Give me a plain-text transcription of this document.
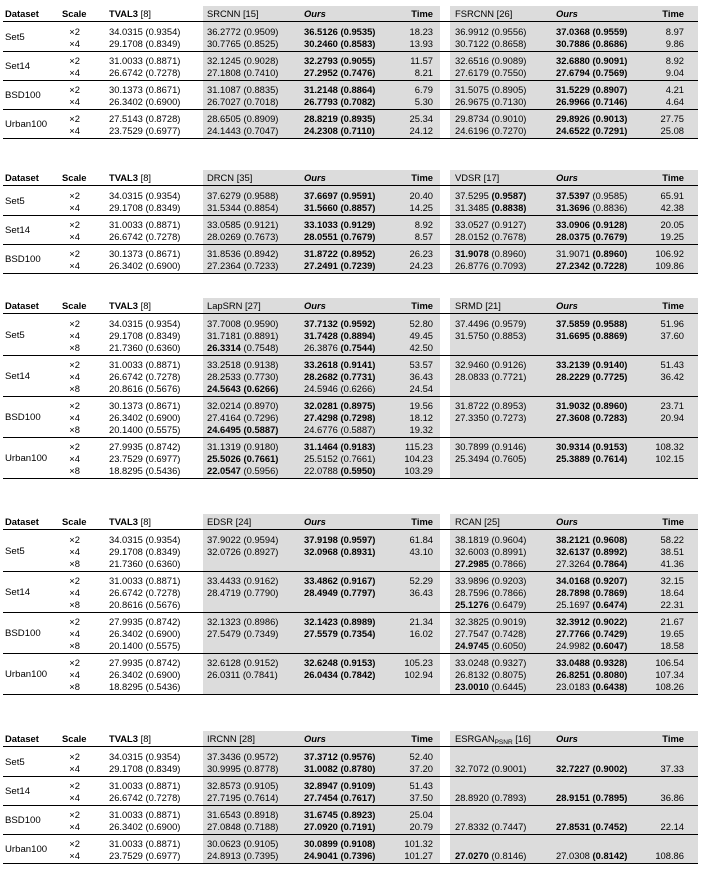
Dataset Scale TVAL3 [8]	SRCNN [15]	Ours	Time FSRCNN [26]	Ours	Time
Set5	×2	34.0315 (0.9354)	36.2772 (0.9509)	36.5126 (0.9535)	18.23 36.9912 (0.9556)	37.0368 (0.9559)	8.97
×4	29.1708 (0.8349)	30.7765 (0.8525)	30.2460 (0.8583)	13.93 30.7122 (0.8658)	30.7886 (0.8686)	9.86
Set14	×2	31.0033 (0.8871)	32.1245 (0.9028)	32.2793 (0.9055)	11.57 32.6516 (0.9089)	32.6880 (0.9091)	8.92
×4	26.6742 (0.7278)	27.1808 (0.7410)	27.2952 (0.7476)	8.21 27.6179 (0.7550)	27.6794 (0.7569)	9.04
BSD100	×2	30.1373 (0.8671)	31.1087 (0.8835)	31.2148 (0.8864)	6.79 31.5075 (0.8905)	31.5229 (0.8907)	4.21
×4	26.3402 (0.6900)	26.7027 (0.7018)	26.7793 (0.7082)	5.30 26.9675 (0.7130)	26.9966 (0.7146)	4.64
Urban100	×2	27.5143 (0.8728)	28.6505 (0.8909)	28.8219 (0.8935)	25.34 29.8734 (0.9010)	29.8926 (0.9013)	27.75
×4	23.7529 (0.6977)	24.1443 (0.7047)	24.2308 (0.7110)	24.12 24.6196 (0.7270)	24.6522 (0.7291)	25.08
Dataset Scale TVAL3 [8]	DRCN [35]	Ours	Time VDSR [17]	Ours	Time
Set5	×2	34.0315 (0.9354)	37.6279 (0.9588)	37.6697 (0.9591)	20.40 37.5295 (0.9587)	37.5397 (0.9585)	65.91
×4	29.1708 (0.8349)	31.5344 (0.8854)	31.5660 (0.8857)	14.25 31.3485 (0.8838)	31.3696 (0.8836)	42.38
Set14	×2	31.0033 (0.8871)	33.0585 (0.9121)	33.1033 (0.9129)	8.92 33.0527 (0.9127)	33.0906 (0.9128)	20.05
×4	26.6742 (0.7278)	28.0269 (0.7673)	28.0551 (0.7679)	8.57 28.0152 (0.7678)	28.0375 (0.7679)	19.25
BSD100	×2	30.1373 (0.8671)	31.8536 (0.8942)	31.8722 (0.8952)	26.23 31.9078 (0.8960)	31.9071 (0.8960)	106.92
×4	26.3402 (0.6900)	27.2364 (0.7233)	27.2491 (0.7239)	24.23 26.8776 (0.7093)	27.2342 (0.7228)	109.86
Dataset Scale TVAL3 [8]	LapSRN [27]	Ours	Time SRMD [21]	Ours	Time
Set5
×2	34.0315 (0.9354)	37.7008 (0.9590)	37.7132 (0.9592)	52.80 37.4496 (0.9579)	37.5859 (0.9588)	51.96
×4	29.1708 (0.8349)	31.7181 (0.8891)	31.7428 (0.8894)	49.45 31.5750 (0.8853)	31.6695 (0.8869)	37.60
×8	21.7360 (0.6360)	26.3314 (0.7548)	26.3876 (0.7544)	42.50
Set14
×2	31.0033 (0.8871)	33.2518 (0.9138)	33.2618 (0.9141)	53.57 32.9460 (0.9126)	33.2139 (0.9140)	51.43
×4	26.6742 (0.7278)	28.2533 (0.7730)	28.2682 (0.7731)	36.43 28.0833 (0.7721)	28.2229 (0.7725)	36.42
×8	20.8616 (0.5676)	24.5643 (0.6266)	24.5946 (0.6266)	24.54
BSD100
×2	30.1373 (0.8671)	32.0214 (0.8970)	32.0281 (0.8975)	19.56 31.8722 (0.8953)	31.9032 (0.8960)	23.71
×4	26.3402 (0.6900)	27.4164 (0.7296)	27.4298 (0.7298)	18.12 27.3350 (0.7273)	27.3608 (0.7283)	20.94
×8	20.1400 (0.5575)	24.6495 (0.5887)	24.6776 (0.5887)	19.32
Urban100
×2	27.9935 (0.8742)	31.1319 (0.9180)	31.1464 (0.9183)	115.23 30.7899 (0.9146)	30.9314 (0.9153)	108.32
×4	23.7529 (0.6977)	25.5026 (0.7661)	25.5152 (0.7661)	104.23 25.3494 (0.7605)	25.3889 (0.7614)	102.15
×8	18.8295 (0.5436)	22.0547 (0.5956)	22.0788 (0.5950)	103.29
Dataset Scale TVAL3 [8]	EDSR [24]	Ours	Time RCAN [25]	Ours	Time
Set5
×2	34.0315 (0.9354)	37.9022 (0.9594)	37.9198 (0.9597)	61.84 38.1819 (0.9604)	38.2121 (0.9608)	58.22
×4	29.1708 (0.8349)	32.0726 (0.8927)	32.0968 (0.8931)	43.10 32.6003 (0.8991)	32.6137 (0.8992)	38.51
×8	21.7360 (0.6360)	27.2985 (0.7866)	27.3264 (0.7864)	41.36
Set14
×2	31.0033 (0.8871)	33.4433 (0.9162)	33.4862 (0.9167)	52.29 33.9896 (0.9203)	34.0168 (0.9207)	32.15
×4	26.6742 (0.7278)	28.4719 (0.7790)	28.4949 (0.7797)	36.43 28.7596 (0.7866)	28.7898 (0.7869)	18.64
×8	20.8616 (0.5676)	25.1276 (0.6479)	25.1697 (0.6474)	22.31
BSD100
×2	27.9935 (0.8742)	32.1323 (0.8986)	32.1423 (0.8989)	21.34 32.3825 (0.9019)	32.3912 (0.9022)	21.67
×4	26.3402 (0.6900)	27.5479 (0.7349)	27.5579 (0.7354)	16.02 27.7547 (0.7428)	27.7766 (0.7429)	19.65
×8	20.1400 (0.5575)	24.9745 (0.6050)	24.9982 (0.6047)	18.58
Urban100
×2	27.9935 (0.8742)	32.6128 (0.9152)	32.6248 (0.9153)	105.23 33.0248 (0.9327)	33.0488 (0.9328)	106.54
×4	26.3402 (0.6900)	26.0311 (0.7841)	26.0434 (0.7842)	102.94 26.8132 (0.8075)	26.8251 (0.8080)	107.34
×8	18.8295 (0.5436)	23.0010 (0.6445)	23.0183 (0.6438)	108.26
Dataset Scale TVAL3 [8]	IRCNN [28]	Ours	Time $ESRGAN_{PSNR}$ [16]	Ours	Time
Set5	×2	34.0315 (0.9354)	37.3436 (0.9572)	37.3712 (0.9576)	52.40
×4	29.1708 (0.8349)	30.9995 (0.8778)	31.0082 (0.8780)	37.20 32.7072 (0.9001)	32.7227 (0.9002)	37.33
Set14	×2	31.0033 (0.8871)	32.8573 (0.9105)	32.8947 (0.9109)	51.43
×4	26.6742 (0.7278)	27.7195 (0.7614)	27.7454 (0.7617)	37.50 28.8920 (0.7893)	28.9151 (0.7895)	36.86
BSD100	×2	31.0033 (0.8871)	31.6543 (0.8918)	31.6745 (0.8923)	25.04
×4	26.3402 (0.6900)	27.0848 (0.7188)	27.0920 (0.7191)	20.79 27.8332 (0.7447)	27.8531 (0.7452)	22.14
Urban100	×2	31.0033 (0.8871)	30.0623 (0.9105)	30.0899 (0.9108)	101.32
×4	23.7529 (0.6977)	24.8913 (0.7395)	24.9041 (0.7396)	101.27 27.0270 (0.8146)	27.0308 (0.8142)	108.86
